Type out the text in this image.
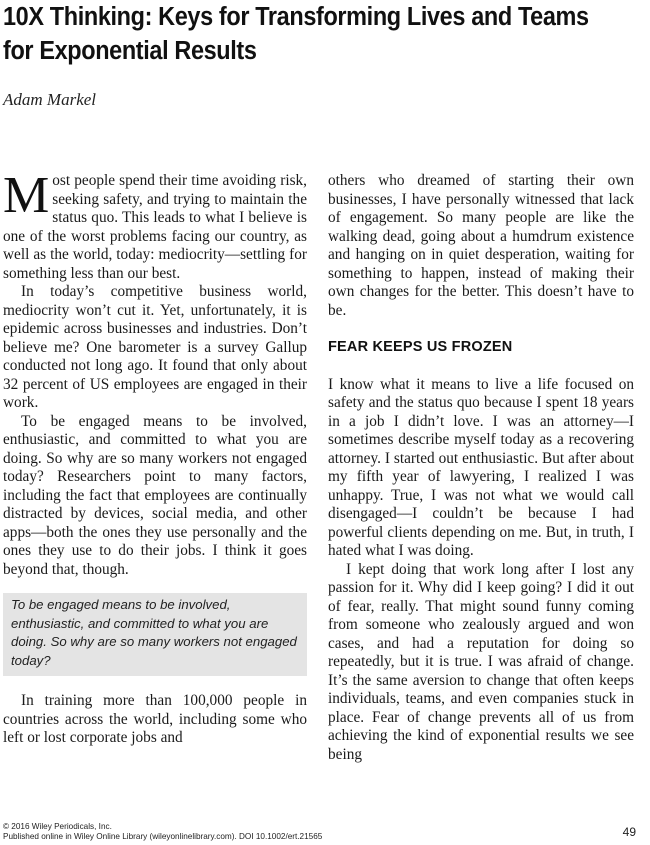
10X Thinking: Keys for Transforming Lives and Teams
for Exponential Results

Adam Markel

Most people spend their time avoiding risk, seeking safety, and trying to maintain the status quo. This leads to what I believe is one of the worst problems facing our country, as well as the world, today: mediocrity—settling for something less than our best.

In today’s competitive business world, mediocrity won’t cut it. Yet, unfortunately, it is epidemic across businesses and industries. Don’t believe me? One barometer is a survey Gallup conducted not long ago. It found that only about 32 percent of US employees are engaged in their work.

To be engaged means to be involved, enthusiastic, and committed to what you are doing. So why are so many workers not engaged today? Researchers point to many factors, including the fact that employees are continually distracted by devices, social media, and other apps—both the ones they use personally and the ones they use to do their jobs. I think it goes beyond that, though.

To be engaged means to be involved, enthusiastic, and committed to what you are doing. So why are so many workers not engaged today?

In training more than 100,000 people in countries across the world, including some who left or lost corporate jobs and

others who dreamed of starting their own businesses, I have personally witnessed that lack of engagement. So many people are like the walking dead, going about a humdrum existence and hanging on in quiet desperation, waiting for something to happen, instead of making their own changes for the better. This doesn’t have to be.

FEAR KEEPS US FROZEN

I know what it means to live a life focused on safety and the status quo because I spent 18 years in a job I didn’t love. I was an attorney—I sometimes describe myself today as a recovering attorney. I started out enthusiastic. But after about my fifth year of lawyering, I realized I was unhappy. True, I was not what we would call disengaged—I couldn’t be because I had powerful clients depending on me. But, in truth, I hated what I was doing.

I kept doing that work long after I lost any passion for it. Why did I keep going? I did it out of fear, really. That might sound funny coming from someone who zealously argued and won cases, and had a reputation for doing so repeatedly, but it is true. I was afraid of change. It’s the same aversion to change that often keeps individuals, teams, and even companies stuck in place. Fear of change prevents all of us from achieving the kind of exponential results we see being

© 2016 Wiley Periodicals, Inc.
Published online in Wiley Online Library (wileyonlinelibrary.com). DOI 10.1002/ert.21565	49
